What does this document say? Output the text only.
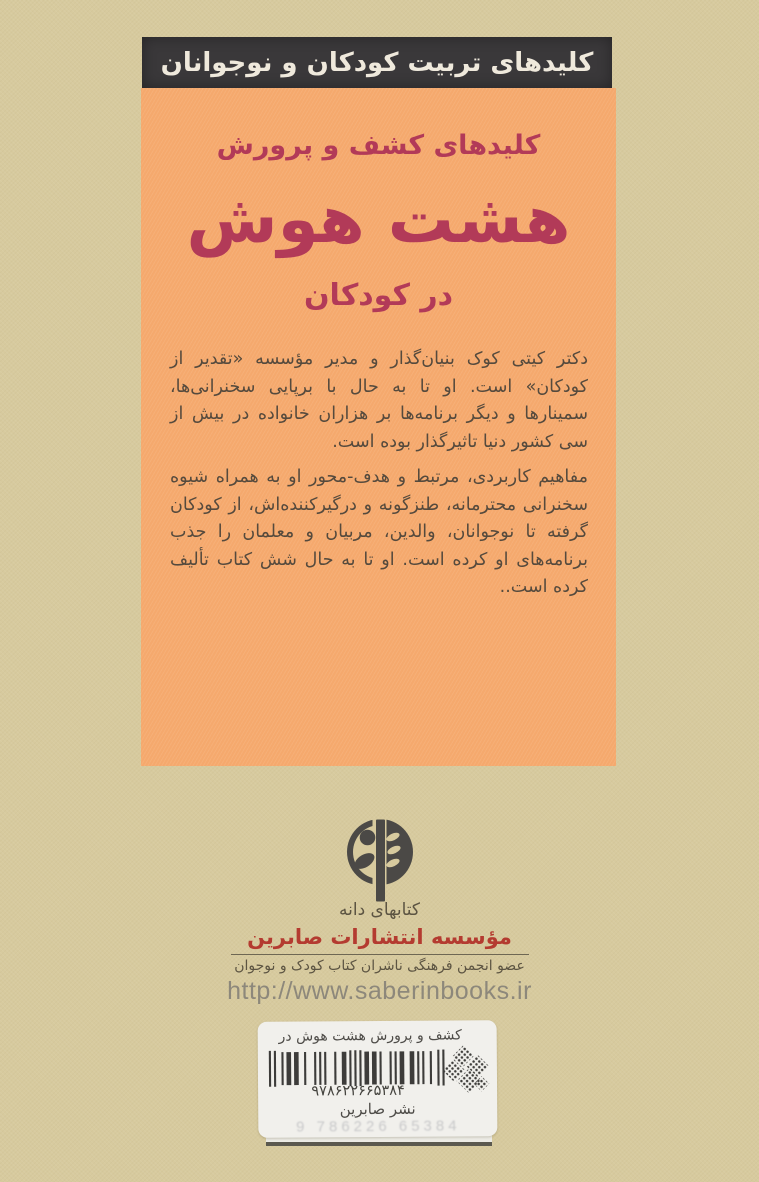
کلیدهای تربیت کودکان و نوجوانان
کلیدهای کشف و پرورش
هشت هوش
در کودکان

دکتر کیتی کوک بنیان‌گذار و مدیر مؤسسه «تقدیر از کودکان» است. او تا به حال با برپایی سخنرانی‌ها، سمینارها و دیگر برنامه‌ها بر هزاران خانواده در بیش از سی کشور دنیا تاثیرگذار بوده است.

مفاهیم کاربردی، مرتبط و هدف-محور او به همراه شیوه سخنرانی محترمانه، طنزگونه و درگیرکننده‌اش، از کودکان گرفته تا نوجوانان، والدین، مربیان و معلمان را جذب برنامه‌های او کرده است. او تا به حال شش کتاب تألیف کرده است..

کتابهای دانه
مؤسسه انتشارات صابرین
عضو انجمن فرهنگی ناشران کتاب کودک و نوجوان
http://www.saberinbooks.ir
کشف و پرورش هشت هوش در
۹۷۸۶۲۲۶۶۵۳۸۴
نشر صابرین
9 786226 65384
